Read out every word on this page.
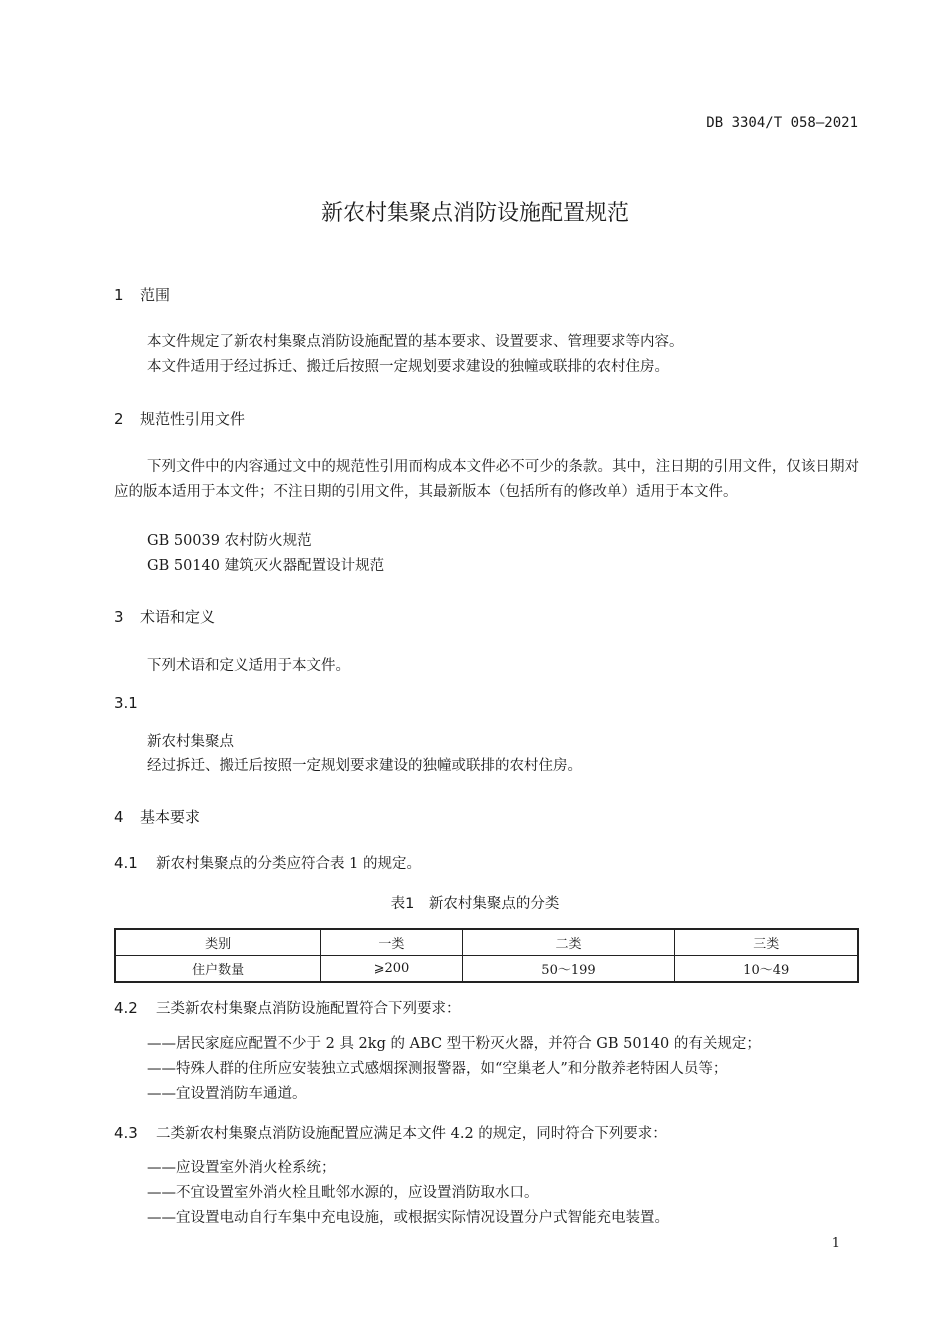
DB 3304/T 058—2021
新农村集聚点消防设施配置规范
1 范围
本文件规定了新农村集聚点消防设施配置的基本要求、设置要求、管理要求等内容。
本文件适用于经过拆迁、搬迁后按照一定规划要求建设的独幢或联排的农村住房。
2 规范性引用文件
下列文件中的内容通过文中的规范性引用而构成本文件必不可少的条款。其中，注日期的引用文件，仅该日期对应的版本适用于本文件；不注日期的引用文件，其最新版本（包括所有的修改单）适用于本文件。
GB 50039 农村防火规范
GB 50140 建筑灭火器配置设计规范
3 术语和定义
下列术语和定义适用于本文件。
3.1
新农村集聚点
经过拆迁、搬迁后按照一定规划要求建设的独幢或联排的农村住房。
4 基本要求
4.1 新农村集聚点的分类应符合表 1 的规定。
表1　新农村集聚点的分类
类别	一类	二类	三类
住户数量	⩾200	50～199	10～49
4.2 三类新农村集聚点消防设施配置符合下列要求：
——居民家庭应配置不少于 2 具 2kg 的 ABC 型干粉灭火器，并符合 GB 50140 的有关规定；
——特殊人群的住所应安装独立式感烟探测报警器，如“空巢老人”和分散养老特困人员等；
——宜设置消防车通道。
4.3 二类新农村集聚点消防设施配置应满足本文件 4.2 的规定，同时符合下列要求：
——应设置室外消火栓系统；
——不宜设置室外消火栓且毗邻水源的，应设置消防取水口。
——宜设置电动自行车集中充电设施，或根据实际情况设置分户式智能充电装置。
1
